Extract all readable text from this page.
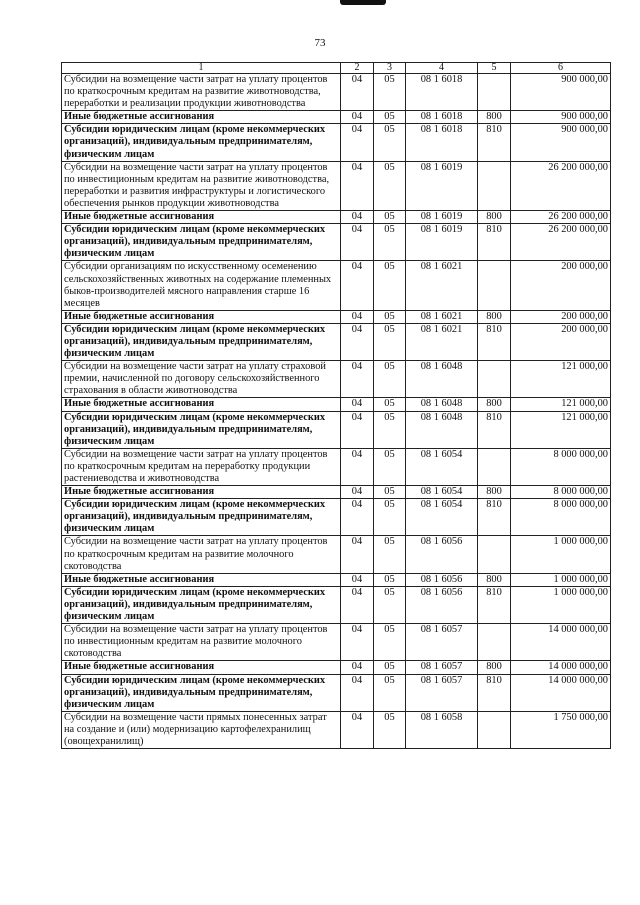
73
1	2	3	4	5	6
Субсидии на возмещение части затрат на уплату процентов по краткосрочным кредитам на развитие животноводства, переработки и реализации продукции животноводства	04	05	08 1 6018		900 000,00
Иные бюджетные ассигнования	04	05	08 1 6018	800	900 000,00
Субсидии юридическим лицам (кроме некоммерческих организаций), индивидуальным предпринимателям, физическим лицам	04	05	08 1 6018	810	900 000,00
Субсидии на возмещение части затрат на уплату процентов по инвестиционным кредитам на развитие животноводства, переработки и развития инфраструктуры и логистического обеспечения рынков продукции животноводства	04	05	08 1 6019		26 200 000,00
Иные бюджетные ассигнования	04	05	08 1 6019	800	26 200 000,00
Субсидии юридическим лицам (кроме некоммерческих организаций), индивидуальным предпринимателям, физическим лицам	04	05	08 1 6019	810	26 200 000,00
Субсидии организациям по искусственному осеменению сельскохозяйственных животных на содержание племенных быков-производителей мясного направления старше 16 месяцев	04	05	08 1 6021		200 000,00
Иные бюджетные ассигнования	04	05	08 1 6021	800	200 000,00
Субсидии юридическим лицам (кроме некоммерческих организаций), индивидуальным предпринимателям, физическим лицам	04	05	08 1 6021	810	200 000,00
Субсидии на возмещение части затрат на уплату страховой премии, начисленной по договору сельскохозяйственного страхования в области животноводства	04	05	08 1 6048		121 000,00
Иные бюджетные ассигнования	04	05	08 1 6048	800	121 000,00
Субсидии юридическим лицам (кроме некоммерческих организаций), индивидуальным предпринимателям, физическим лицам	04	05	08 1 6048	810	121 000,00
Субсидии на возмещение части затрат на уплату процентов по краткосрочным кредитам на переработку продукции растениеводства и животноводства	04	05	08 1 6054		8 000 000,00
Иные бюджетные ассигнования	04	05	08 1 6054	800	8 000 000,00
Субсидии юридическим лицам (кроме некоммерческих организаций), индивидуальным предпринимателям, физическим лицам	04	05	08 1 6054	810	8 000 000,00
Субсидии на возмещение части затрат на уплату процентов по краткосрочным кредитам на развитие молочного скотоводства	04	05	08 1 6056		1 000 000,00
Иные бюджетные ассигнования	04	05	08 1 6056	800	1 000 000,00
Субсидии юридическим лицам (кроме некоммерческих организаций), индивидуальным предпринимателям, физическим лицам	04	05	08 1 6056	810	1 000 000,00
Субсидии на возмещение части затрат на уплату процентов по инвестиционным кредитам на развитие молочного скотоводства	04	05	08 1 6057		14 000 000,00
Иные бюджетные ассигнования	04	05	08 1 6057	800	14 000 000,00
Субсидии юридическим лицам (кроме некоммерческих организаций), индивидуальным предпринимателям, физическим лицам	04	05	08 1 6057	810	14 000 000,00
Субсидии на возмещение части прямых понесенных затрат на создание и (или) модернизацию картофелехранилищ (овощехранилищ)	04	05	08 1 6058		1 750 000,00
